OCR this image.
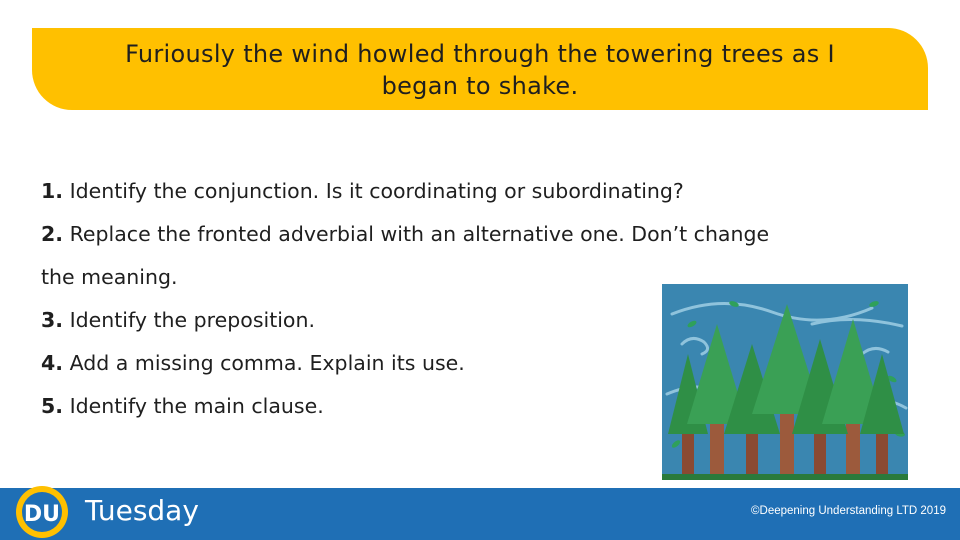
Furiously the wind howled through the towering trees as I
began to shake.
1. Identify the conjunction. Is it coordinating or subordinating?
2. Replace the fronted adverbial with an alternative one. Don’t change
the meaning.
3. Identify the preposition.
4. Add a missing comma. Explain its use.
5. Identify the main clause.
DU Tuesday	©Deepening Understanding LTD 2019
